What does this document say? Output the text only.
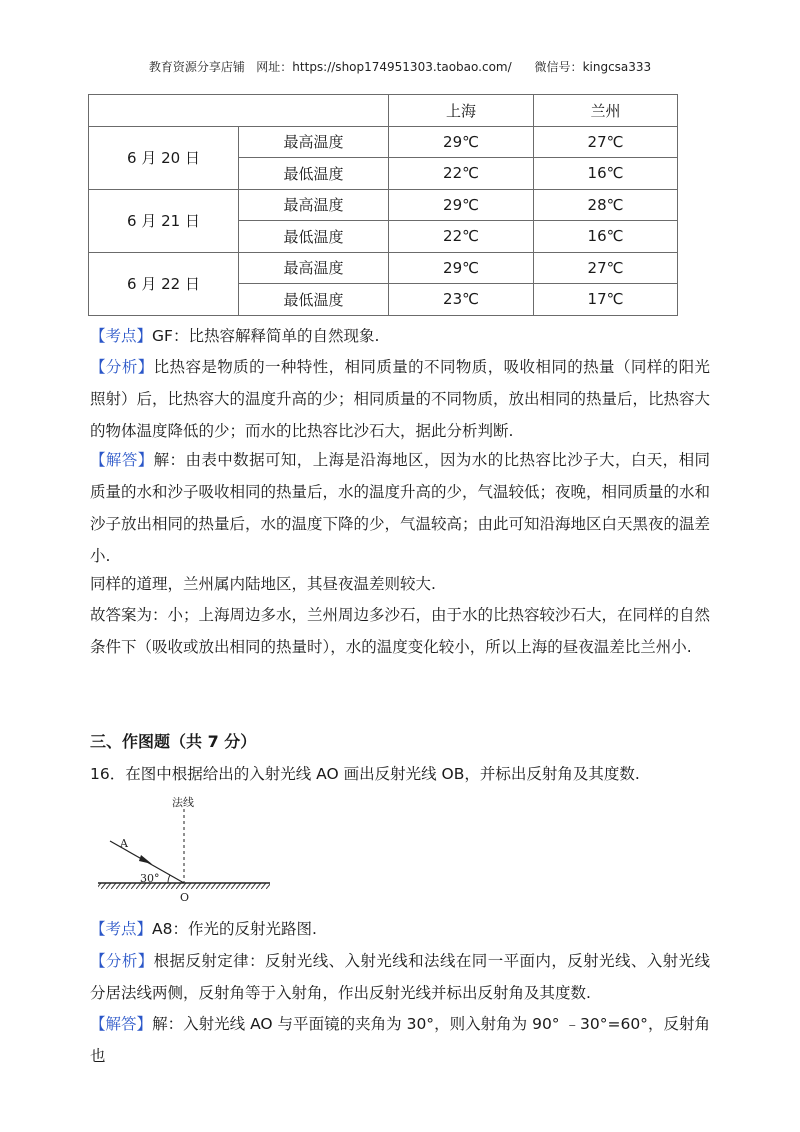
教育资源分享店铺 网址：https://shop174951303.taobao.com/ 微信号：kingcsa333
		上海	兰州
6 月 20 日	最高温度	29℃	27℃
	最低温度	22℃	16℃
6 月 21 日	最高温度	29℃	28℃
	最低温度	22℃	16℃
6 月 22 日	最高温度	29℃	27℃
	最低温度	23℃	17℃

【考点】GF：比热容解释简单的自然现象.

【分析】比热容是物质的一种特性，相同质量的不同物质，吸收相同的热量（同样的阳光照射）后，比热容大的温度升高的少；相同质量的不同物质，放出相同的热量后，比热容大的物体温度降低的少；而水的比热容比沙石大，据此分析判断.

【解答】解：由表中数据可知，上海是沿海地区，因为水的比热容比沙子大，白天，相同质量的水和沙子吸收相同的热量后，水的温度升高的少，气温较低；夜晚，相同质量的水和沙子放出相同的热量后，水的温度下降的少，气温较高；由此可知沿海地区白天黑夜的温差小.

同样的道理，兰州属内陆地区，其昼夜温差则较大.

故答案为：小；上海周边多水，兰州周边多沙石，由于水的比热容较沙石大，在同样的自然条件下（吸收或放出相同的热量时），水的温度变化较小，所以上海的昼夜温差比兰州小.

三、作图题（共 7 分）

16．在图中根据给出的入射光线 AO 画出反射光线 OB，并标出反射角及其度数.
法线
A
30°
O

【考点】A8：作光的反射光路图.

【分析】根据反射定律：反射光线、入射光线和法线在同一平面内，反射光线、入射光线分居法线两侧，反射角等于入射角，作出反射光线并标出反射角及其度数.

【解答】解：入射光线 AO 与平面镜的夹角为 30°，则入射角为 90° ﹣30°=60°，反射角也
